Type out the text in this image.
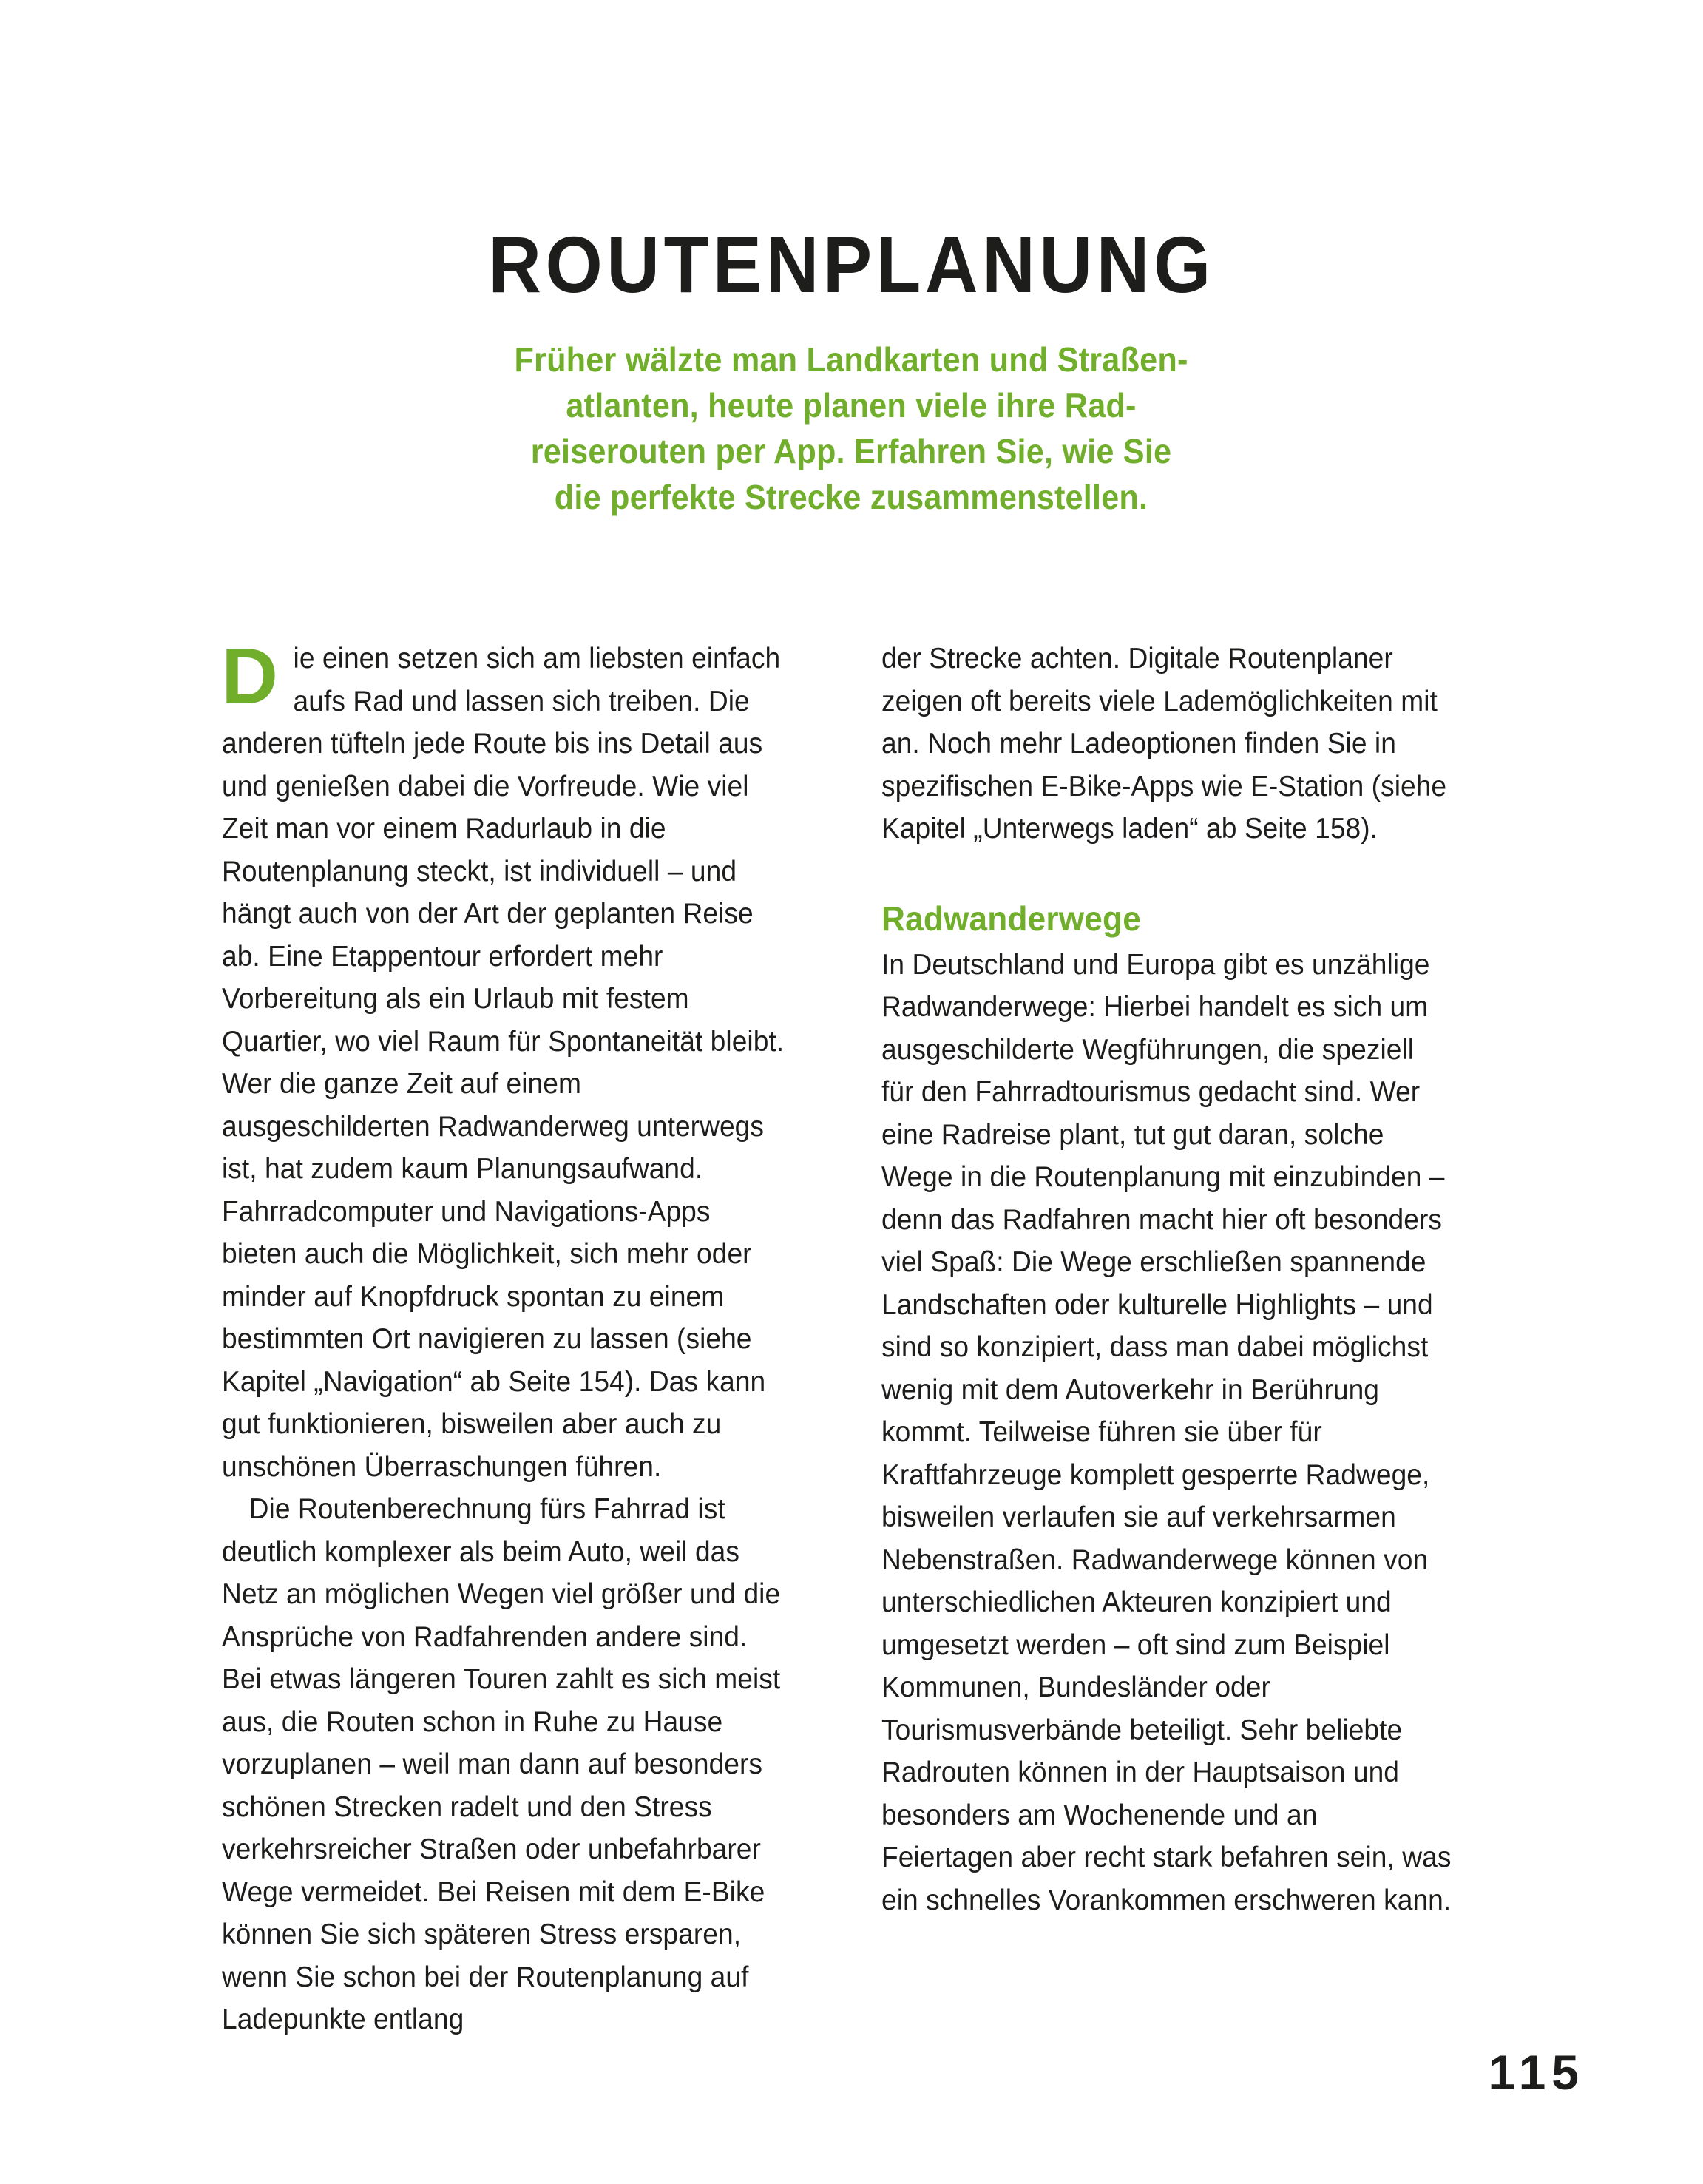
ROUTENPLANUNG
Früher wälzte man Landkarten und Straßen-
atlanten, heute planen viele ihre Rad-
reiserouten per App. Erfahren Sie, wie Sie
die perfekte Strecke zusammenstellen.

Die einen setzen sich am liebsten einfach aufs Rad und lassen sich treiben. Die anderen tüfteln jede Route bis ins Detail aus und genießen dabei die Vorfreude. Wie viel Zeit man vor einem Radurlaub in die Routenplanung steckt, ist individuell – und hängt auch von der Art der geplanten Reise ab. Eine Etappentour erfordert mehr Vorbereitung als ein Urlaub mit festem Quartier, wo viel Raum für Spontaneität bleibt. Wer die ganze Zeit auf einem ausgeschilderten Radwanderweg unterwegs ist, hat zudem kaum Planungsaufwand. Fahrradcomputer und Navigations-Apps bieten auch die Möglichkeit, sich mehr oder minder auf Knopfdruck spontan zu einem bestimmten Ort navigieren zu lassen (siehe Kapitel „Navigation“ ab Seite 154). Das kann gut funktionieren, bisweilen aber auch zu unschönen Überraschungen führen.

Die Routenberechnung fürs Fahrrad ist deutlich komplexer als beim Auto, weil das Netz an möglichen Wegen viel größer und die Ansprüche von Radfahrenden andere sind. Bei etwas längeren Touren zahlt es sich meist aus, die Routen schon in Ruhe zu Hause vorzuplanen – weil man dann auf besonders schönen Strecken radelt und den Stress verkehrsreicher Straßen oder unbefahrbarer Wege vermeidet. Bei Reisen mit dem E-Bike können Sie sich späteren Stress ersparen, wenn Sie schon bei der Routenplanung auf Ladepunkte entlang

der Strecke achten. Digitale Routenplaner zeigen oft bereits viele Lademöglichkeiten mit an. Noch mehr Ladeoptionen finden Sie in spezifischen E-Bike-Apps wie E-Station (siehe Kapitel „Unterwegs laden“ ab Seite 158).

Radwanderwege

In Deutschland und Europa gibt es unzählige Radwanderwege: Hierbei handelt es sich um ausgeschilderte Wegführungen, die speziell für den Fahrradtourismus gedacht sind. Wer eine Radreise plant, tut gut daran, solche Wege in die Routenplanung mit einzubinden – denn das Radfahren macht hier oft besonders viel Spaß: Die Wege erschließen spannende Landschaften oder kulturelle Highlights – und sind so konzipiert, dass man dabei möglichst wenig mit dem Autoverkehr in Berührung kommt. Teilweise führen sie über für Kraftfahrzeuge komplett gesperrte Radwege, bisweilen verlaufen sie auf verkehrsarmen Nebenstraßen. Radwanderwege können von unterschiedlichen Akteuren konzipiert und umgesetzt werden – oft sind zum Beispiel Kommunen, Bundesländer oder Tourismusverbände beteiligt. Sehr beliebte Radrouten können in der Hauptsaison und besonders am Wochenende und an Feiertagen aber recht stark befahren sein, was ein schnelles Vorankommen erschweren kann.

115
